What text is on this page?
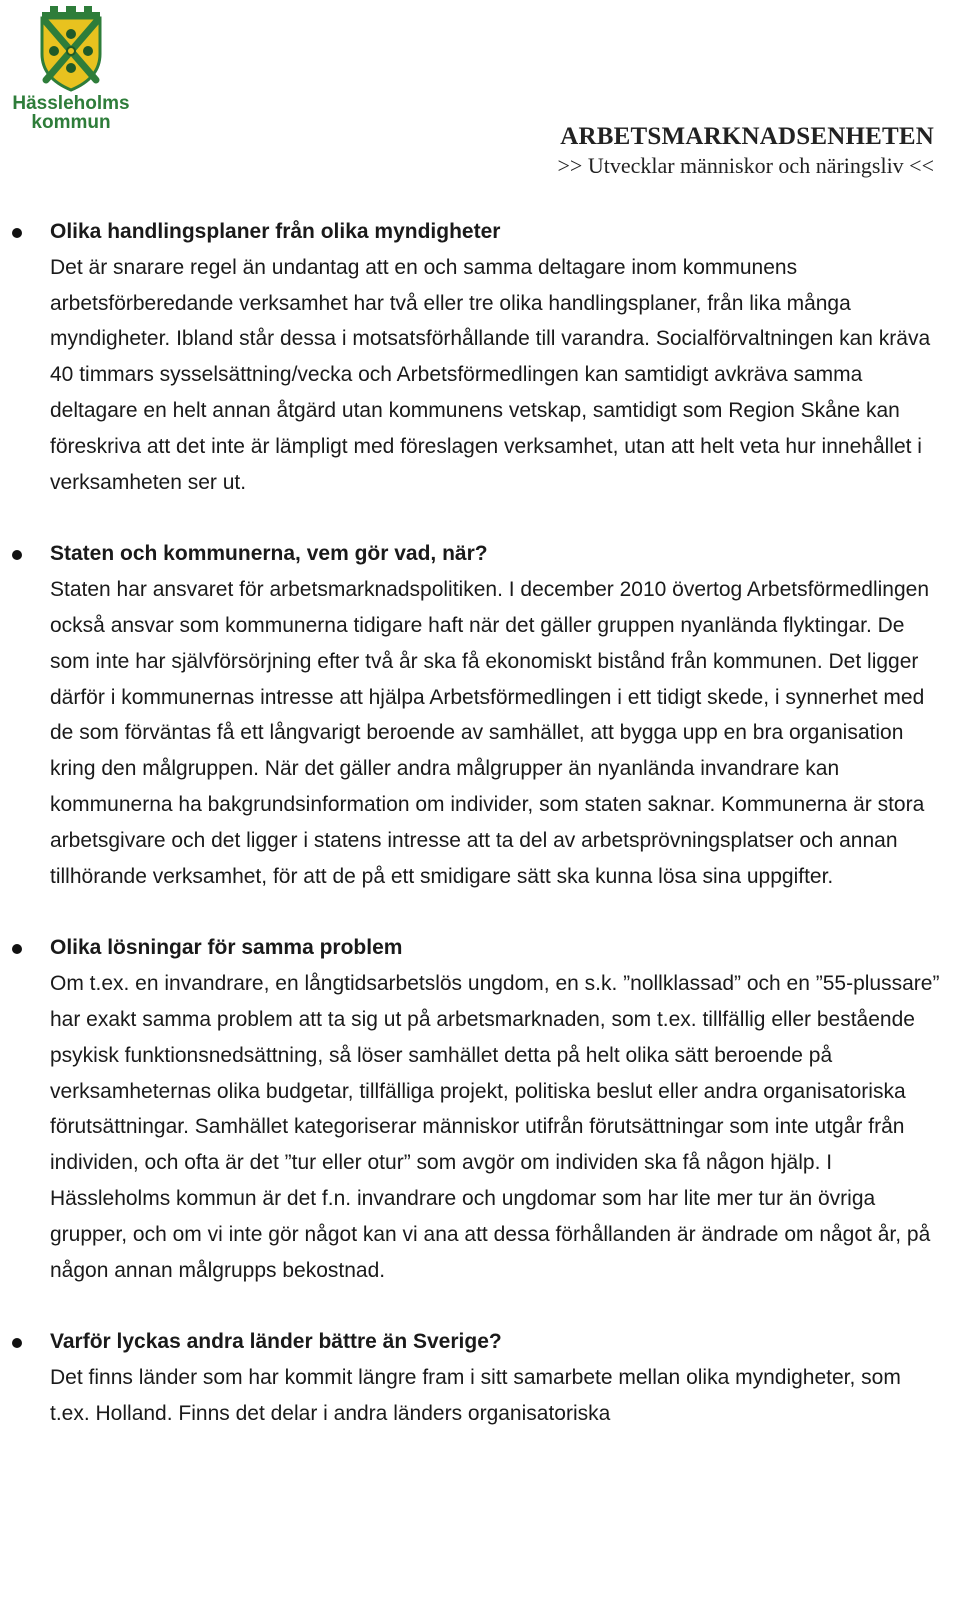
Hässleholms
kommun
ARBETSMARKNADSENHETEN
>> Utvecklar människor och näringsliv <<

Olika handlingsplaner från olika myndigheter

Det är snarare regel än undantag att en och samma deltagare inom kommunens arbetsförberedande verksamhet har två eller tre olika handlingsplaner, från lika många myndigheter. Ibland står dessa i motsatsförhållande till varandra. Socialförvaltningen kan kräva 40 timmars sysselsättning/vecka och Arbetsförmedlingen kan samtidigt avkräva samma deltagare en helt annan åtgärd utan kommunens vetskap, samtidigt som Region Skåne kan föreskriva att det inte är lämpligt med föreslagen verksamhet, utan att helt veta hur innehållet i verksamheten ser ut.

Staten och kommunerna, vem gör vad, när?

Staten har ansvaret för arbetsmarknadspolitiken. I december 2010 övertog Arbetsförmedlingen också ansvar som kommunerna tidigare haft när det gäller gruppen nyanlända flyktingar. De som inte har självförsörjning efter två år ska få ekonomiskt bistånd från kommunen. Det ligger därför i kommunernas intresse att hjälpa Arbetsförmedlingen i ett tidigt skede, i synnerhet med de som förväntas få ett långvarigt beroende av samhället, att bygga upp en bra organisation kring den målgruppen. När det gäller andra målgrupper än nyanlända invandrare kan kommunerna ha bakgrundsinformation om individer, som staten saknar. Kommunerna är stora arbetsgivare och det ligger i statens intresse att ta del av arbetsprövningsplatser och annan tillhörande verksamhet, för att de på ett smidigare sätt ska kunna lösa sina uppgifter.

Olika lösningar för samma problem

Om t.ex. en invandrare, en långtidsarbetslös ungdom, en s.k. ”nollklassad” och en ”55-plussare” har exakt samma problem att ta sig ut på arbetsmarknaden, som t.ex. tillfällig eller bestående psykisk funktionsnedsättning, så löser samhället detta på helt olika sätt beroende på verksamheternas olika budgetar, tillfälliga projekt, politiska beslut eller andra organisatoriska förutsättningar. Samhället kategoriserar människor utifrån förutsättningar som inte utgår från individen, och ofta är det ”tur eller otur” som avgör om individen ska få någon hjälp. I Hässleholms kommun är det f.n. invandrare och ungdomar som har lite mer tur än övriga grupper, och om vi inte gör något kan vi ana att dessa förhållanden är ändrade om något år, på någon annan målgrupps bekostnad.

Varför lyckas andra länder bättre än Sverige?

Det finns länder som har kommit längre fram i sitt samarbete mellan olika myndigheter, som t.ex. Holland. Finns det delar i andra länders organisatoriska
